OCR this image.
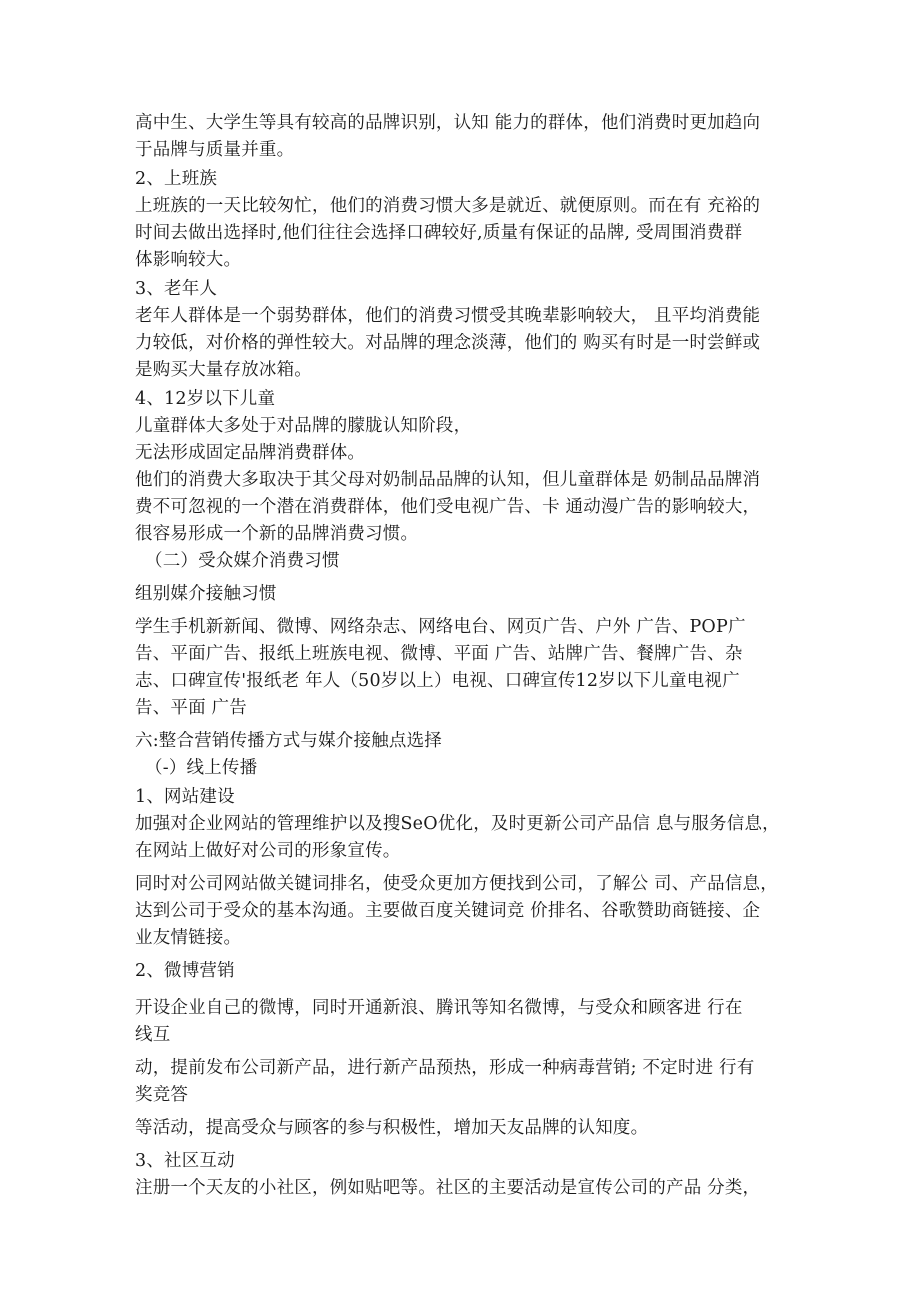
高中生、大学生等具有较高的品牌识别，认知 能力的群体，他们消费时更加趋向
于品牌与质量并重。
2、上班族
上班族的一天比较匆忙，他们的消费习惯大多是就近、就便原则。而在有 充裕的
时间去做出选择时,他们往往会选择口碑较好,质量有保证的品牌, 受周围消费群
体影响较大。
3、老年人
老年人群体是一个弱势群体，他们的消费习惯受其晚辈影响较大， 且平均消费能
力较低，对价格的弹性较大。对品牌的理念淡薄，他们的 购买有时是一时尝鲜或
是购买大量存放冰箱。
4、12岁以下儿童
儿童群体大多处于对品牌的朦胧认知阶段，
无法形成固定品牌消费群体。
他们的消费大多取决于其父母对奶制品品牌的认知，但儿童群体是 奶制品品牌消
费不可忽视的一个潜在消费群体，他们受电视广告、卡 通动漫广告的影响较大，
很容易形成一个新的品牌消费习惯。
（二）受众媒介消费习惯
组别媒介接触习惯
学生手机新新闻、微博、网络杂志、网络电台、网页广告、户外 广告、POP广
告、平面广告、报纸上班族电视、微博、平面 广告、站牌广告、餐牌广告、杂
志、口碑宣传'报纸老 年人（50岁以上）电视、口碑宣传12岁以下儿童电视广
告、平面 广告
六:整合营销传播方式与媒介接触点选择
（-）线上传播
1、网站建设
加强对企业网站的管理维护以及搜SeO优化，及时更新公司产品信 息与服务信息，
在网站上做好对公司的形象宣传。
同时对公司网站做关键词排名，使受众更加方便找到公司，了解公 司、产品信息，
达到公司于受众的基本沟通。主要做百度关键词竞 价排名、谷歌赞助商链接、企
业友情链接。
2、微博营销
开设企业自己的微博，同时开通新浪、腾讯等知名微博，与受众和顾客进 行在
线互
动，提前发布公司新产品，进行新产品预热，形成一种病毒营销; 不定时进 行有
奖竞答
等活动，提高受众与顾客的参与积极性，增加天友品牌的认知度。
3、社区互动
注册一个天友的小社区，例如贴吧等。社区的主要活动是宣传公司的产品 分类，
